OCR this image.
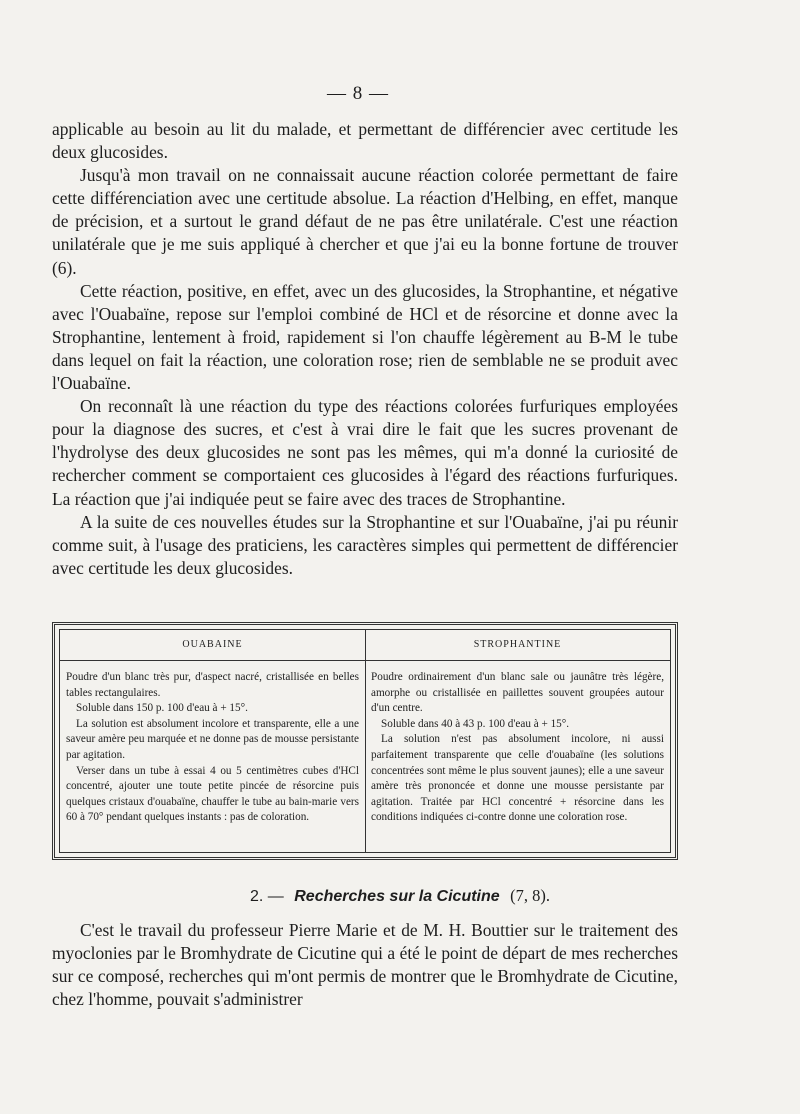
— 8 —

applicable au besoin au lit du malade, et permettant de différencier avec certitude les deux glucosides.

Jusqu'à mon travail on ne connaissait aucune réaction colorée permettant de faire cette différenciation avec une certitude absolue. La réaction d'Helbing, en effet, manque de précision, et a surtout le grand défaut de ne pas être unilatérale. C'est une réaction unilatérale que je me suis appliqué à chercher et que j'ai eu la bonne fortune de trouver (6).

Cette réaction, positive, en effet, avec un des glucosides, la Strophantine, et négative avec l'Ouabaïne, repose sur l'emploi combiné de HCl et de résorcine et donne avec la Strophantine, lentement à froid, rapidement si l'on chauffe légèrement au B-M le tube dans lequel on fait la réaction, une coloration rose; rien de semblable ne se produit avec l'Ouabaïne.

On reconnaît là une réaction du type des réactions colorées furfuriques employées pour la diagnose des sucres, et c'est à vrai dire le fait que les sucres provenant de l'hydrolyse des deux glucosides ne sont pas les mêmes, qui m'a donné la curiosité de rechercher comment se comportaient ces glucosides à l'égard des réactions furfuriques. La réaction que j'ai indiquée peut se faire avec des traces de Strophantine.

A la suite de ces nouvelles études sur la Strophantine et sur l'Ouabaïne, j'ai pu réunir comme suit, à l'usage des praticiens, les caractères simples qui permettent de différencier avec certitude les deux glucosides.

OUABAINE

Poudre d'un blanc très pur, d'aspect nacré, cristallisée en belles tables rectangulaires.

Soluble dans 150 p. 100 d'eau à + 15°.

La solution est absolument incolore et transparente, elle a une saveur amère peu marquée et ne donne pas de mousse persistante par agitation.

Verser dans un tube à essai 4 ou 5 centimètres cubes d'HCl concentré, ajouter une toute petite pincée de résorcine puis quelques cristaux d'ouabaïne, chauffer le tube au bain-marie vers 60 à 70° pendant quelques instants : pas de coloration.

STROPHANTINE

Poudre ordinairement d'un blanc sale ou jaunâtre très légère, amorphe ou cristallisée en paillettes souvent groupées autour d'un centre.

Soluble dans 40 à 43 p. 100 d'eau à + 15°.

La solution n'est pas absolument incolore, ni aussi parfaitement transparente que celle d'ouabaïne (les solutions concentrées sont même le plus souvent jaunes); elle a une saveur amère très prononcée et donne une mousse persistante par agitation. Traitée par HCl concentré + résorcine dans les conditions indiquées ci-contre donne une coloration rose.

2. — Recherches sur la Cicutine (7, 8).

C'est le travail du professeur Pierre Marie et de M. H. Bouttier sur le traitement des myoclonies par le Bromhydrate de Cicutine qui a été le point de départ de mes recherches sur ce composé, recherches qui m'ont permis de montrer que le Bromhydrate de Cicutine, chez l'homme, pouvait s'administrer
